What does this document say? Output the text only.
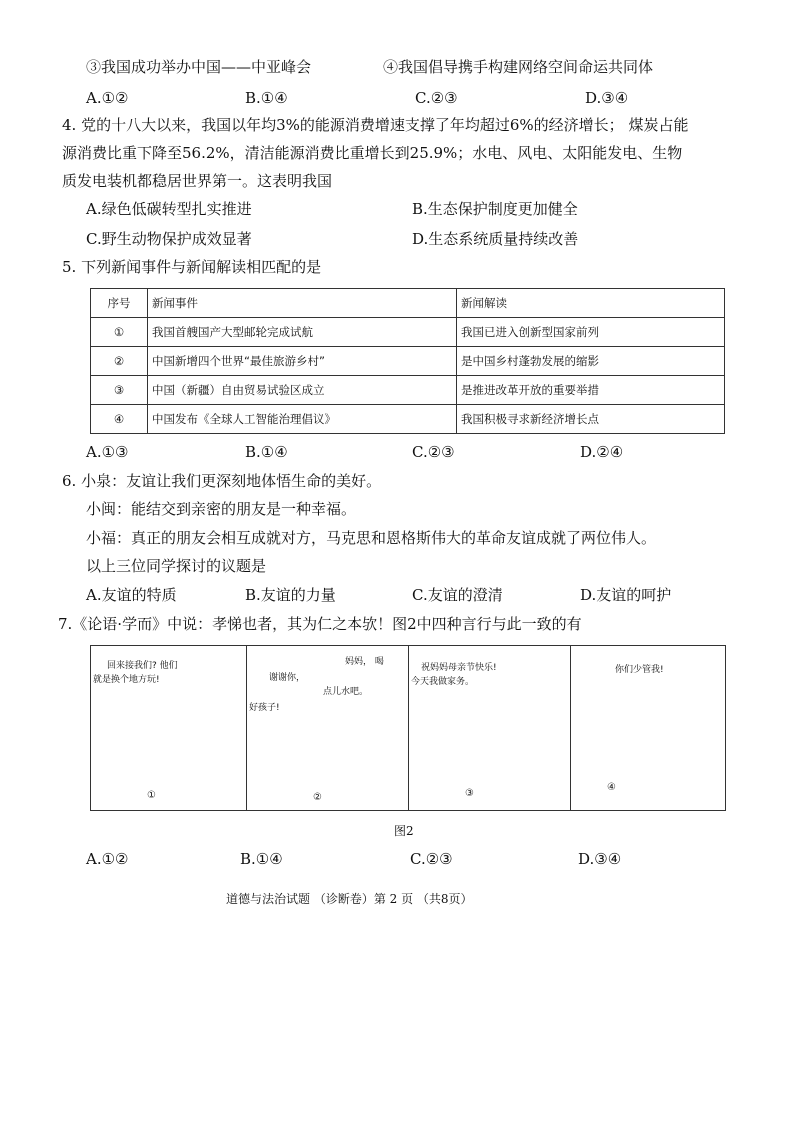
③我国成功举办中国——中亚峰会	④我国倡导携手构建网络空间命运共同体
A.①②	B.①④	C.②③	D.③④
4. 党的十八大以来，我国以年均3%的能源消费增速支撑了年均超过6%的经济增长； 煤炭占能
源消费比重下降至56.2%，清洁能源消费比重增长到25.9%；水电、风电、太阳能发电、生物
质发电装机都稳居世界第一。这表明我国
A.绿色低碳转型扎实推进	B.生态保护制度更加健全
C.野生动物保护成效显著	D.生态系统质量持续改善
5. 下列新闻事件与新闻解读相匹配的是
序号	新闻事件	新闻解读
①	我国首艘国产大型邮轮完成试航	我国已进入创新型国家前列
②	中国新增四个世界“最佳旅游乡村”	是中国乡村蓬勃发展的缩影
③	中国（新疆）自由贸易试验区成立	是推进改革开放的重要举措
④	中国发布《全球人工智能治理倡议》	我国积极寻求新经济增长点
A.①③	B.①④	C.②③	D.②④
6. 小泉：友谊让我们更深刻地体悟生命的美好。
小闽：能结交到亲密的朋友是一种幸福。
小福：真正的朋友会相互成就对方，马克思和恩格斯伟大的革命友谊成就了两位伟人。
以上三位同学探讨的议题是
A.友谊的特质	B.友谊的力量	C.友谊的澄清	D.友谊的呵护
7.《论语·学而》中说：孝悌也者，其为仁之本欤！图2中四种言行与此一致的有
回来接我们? 他们
就是换个地方玩!
①
妈妈， 喝
谢谢你，
点儿水吧。
好孩子!
②
祝妈妈母亲节快乐!
今天我做家务。
③
你们少管我!
④
图2
A.①②	B.①④	C.②③	D.③④
道德与法治试题 （诊断卷）第 2 页 （共8页）
